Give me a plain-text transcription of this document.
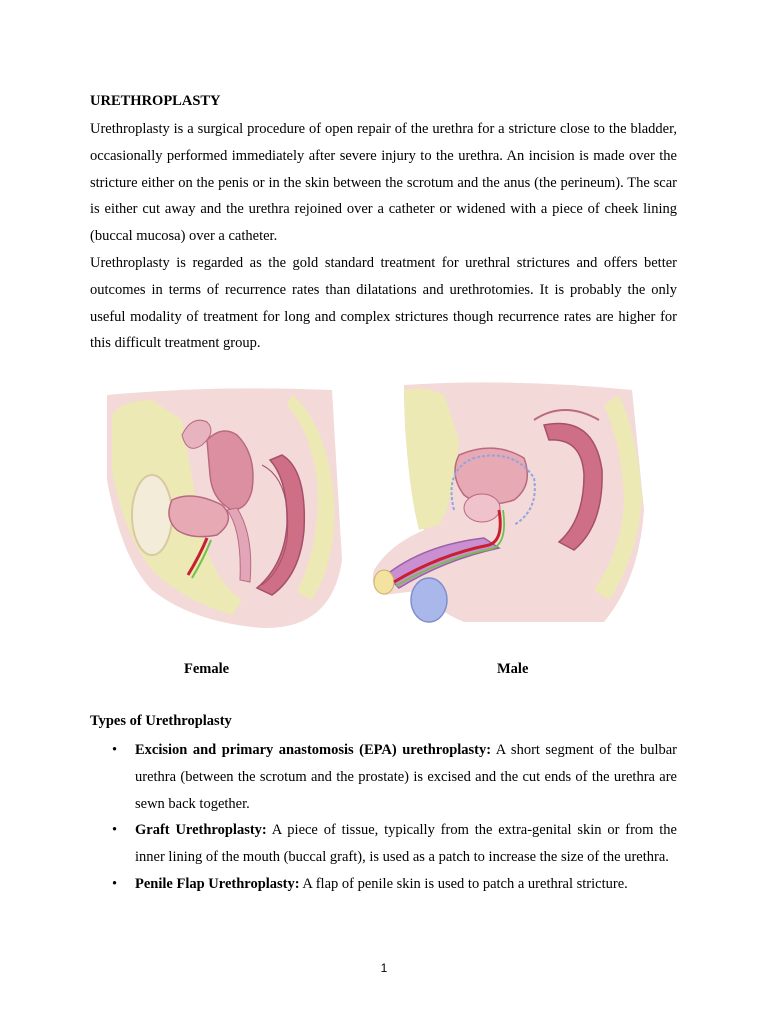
URETHROPLASTY

Urethroplasty is a surgical procedure of open repair of the urethra for a stricture close to the bladder, occasionally performed immediately after severe injury to the urethra. An incision is made over the stricture either on the penis or in the skin between the scrotum and the anus (the perineum). The scar is either cut away and the urethra rejoined over a catheter or widened with a piece of cheek lining (buccal mucosa) over a catheter.

Urethroplasty is regarded as the gold standard treatment for urethral strictures and offers better outcomes in terms of recurrence rates than dilatations and urethrotomies. It is probably the only useful modality of treatment for long and complex strictures though recurrence rates are higher for this difficult treatment group.

Female	Male
Types of Urethroplasty
• Excision and primary anastomosis (EPA) urethroplasty: A short segment of the bulbar urethra (between the scrotum and the prostate) is excised and the cut ends of the urethra are sewn back together.
• Graft Urethroplasty: A piece of tissue, typically from the extra-genital skin or from the inner lining of the mouth (buccal graft), is used as a patch to increase the size of the urethra.
• Penile Flap Urethroplasty: A flap of penile skin is used to patch a urethral stricture.
1
